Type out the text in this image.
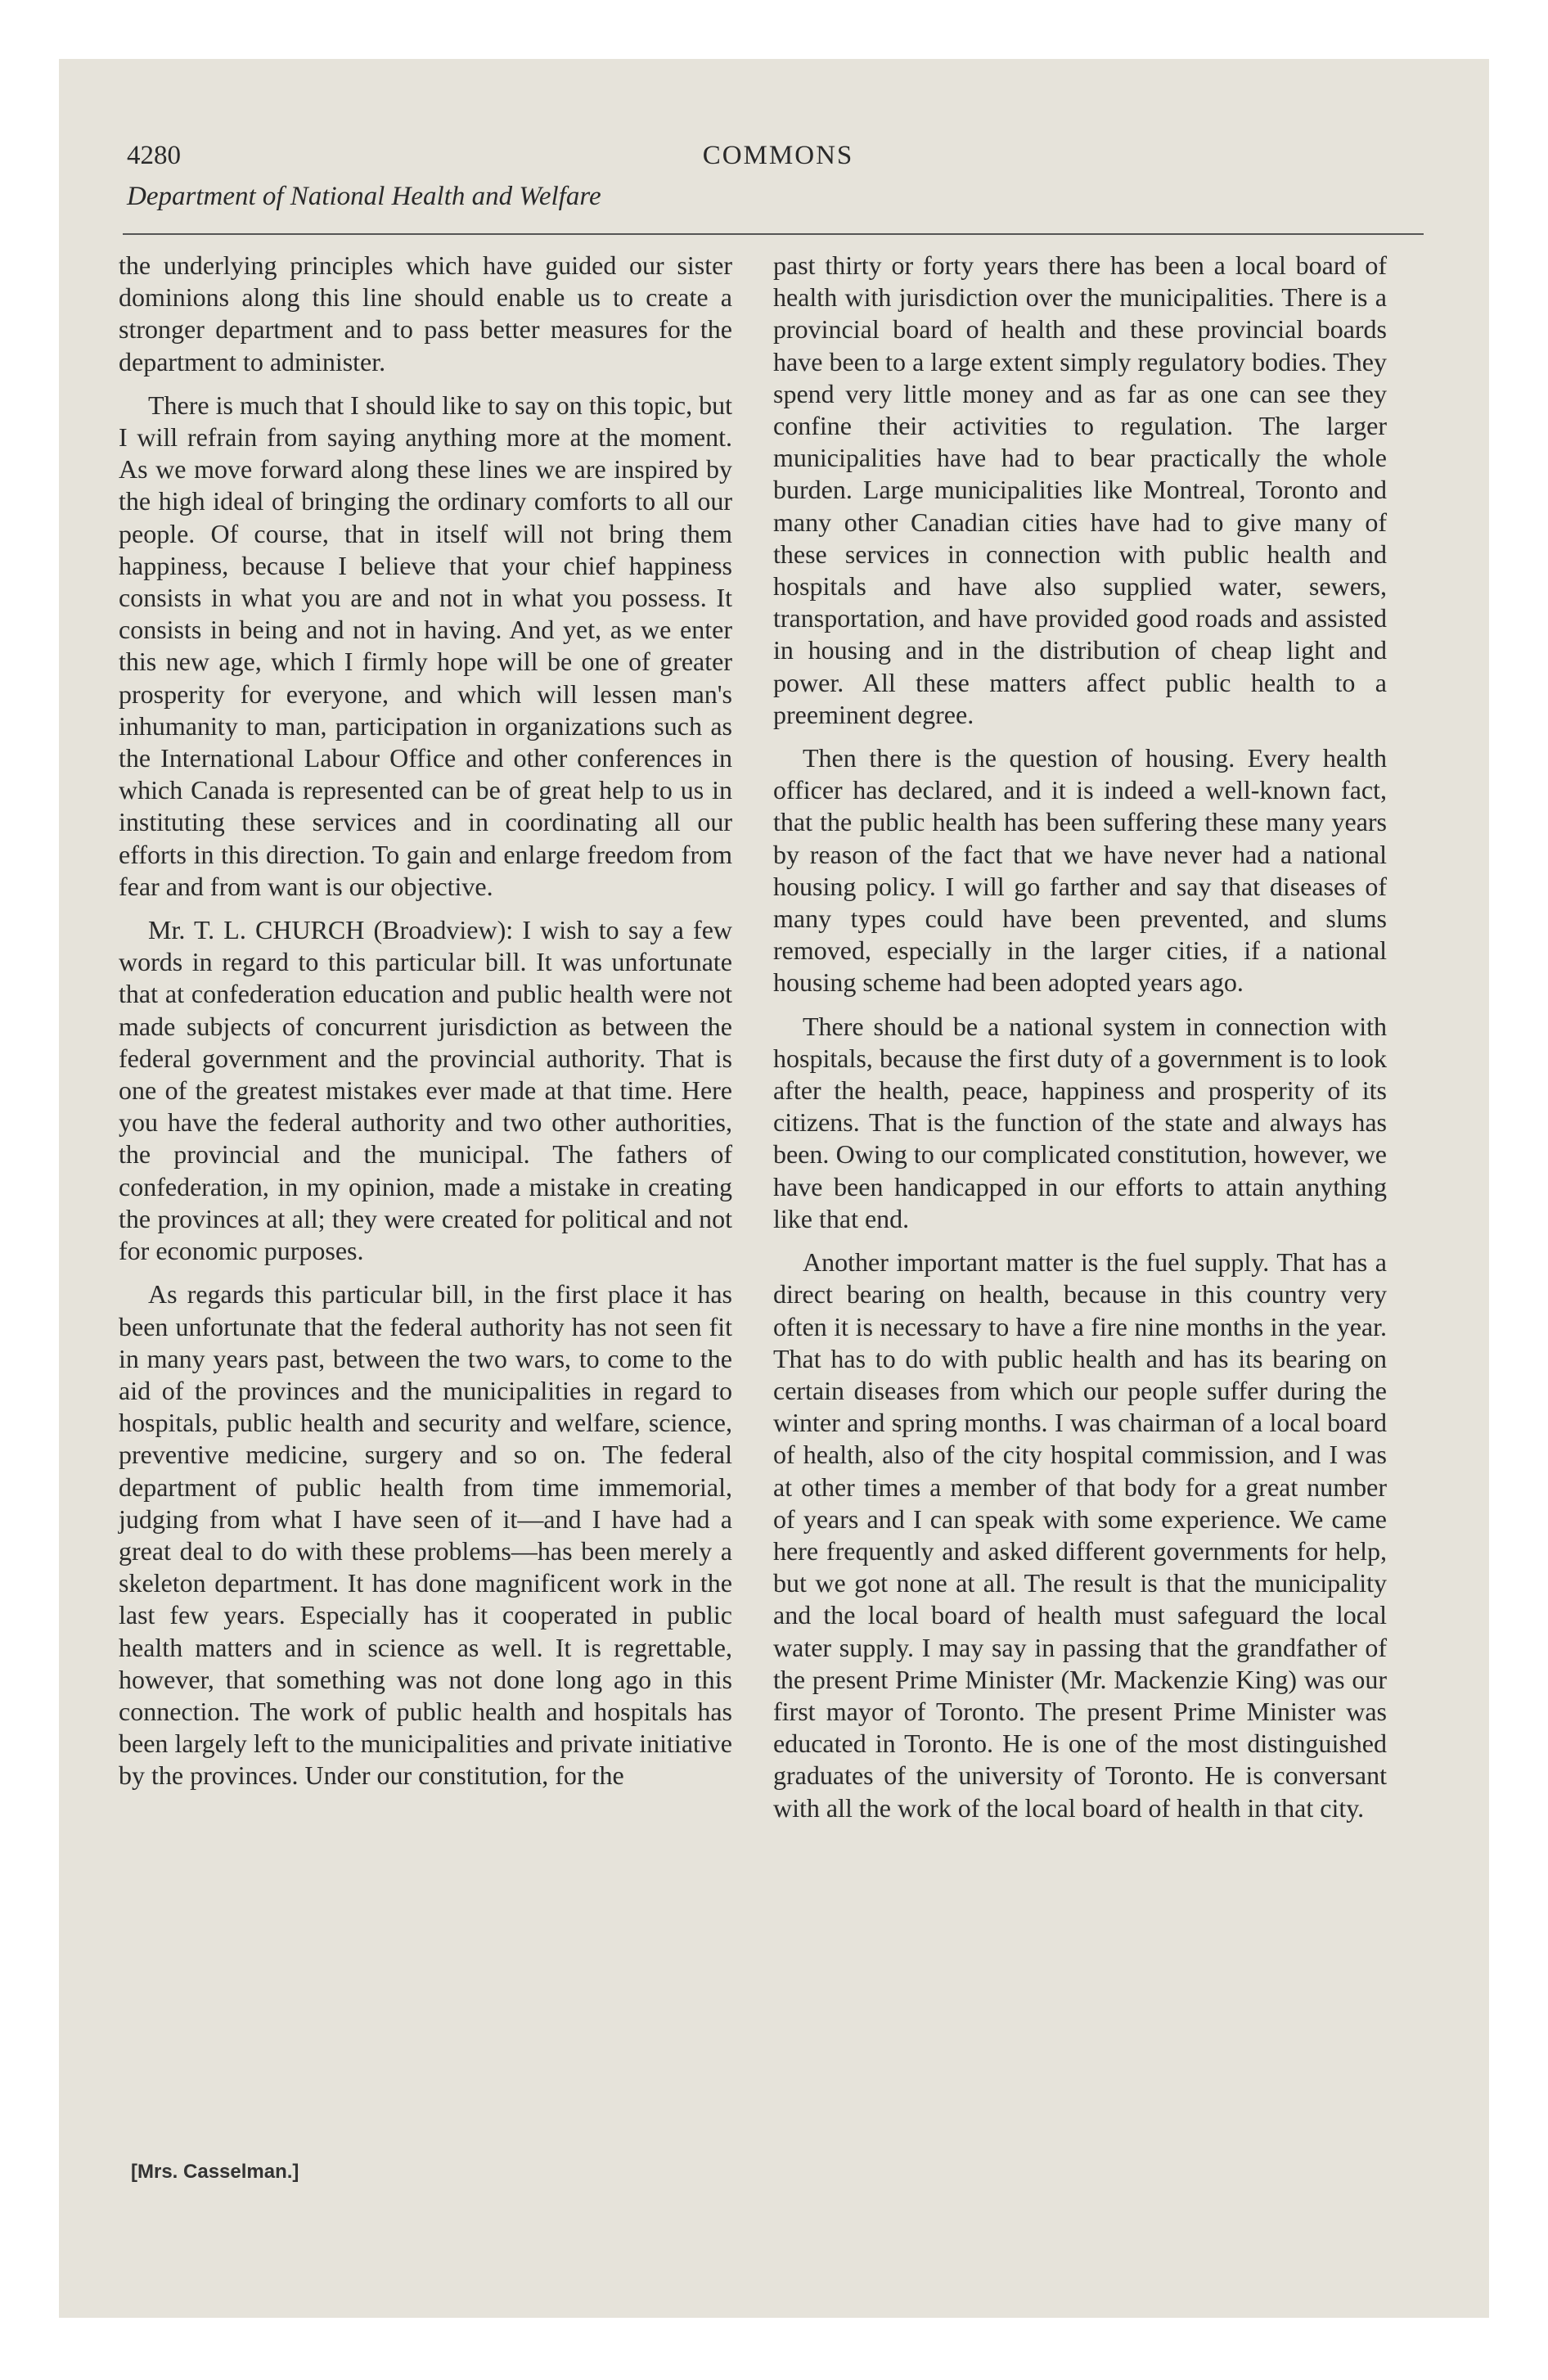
4280	COMMONS
Department of National Health and Welfare

the underlying principles which have guided our sister dominions along this line should enable us to create a stronger department and to pass better measures for the department to administer.

There is much that I should like to say on this topic, but I will refrain from saying anything more at the moment. As we move forward along these lines we are inspired by the high ideal of bringing the ordinary comforts to all our people. Of course, that in itself will not bring them happiness, because I believe that your chief happiness consists in what you are and not in what you possess. It consists in being and not in having. And yet, as we enter this new age, which I firmly hope will be one of greater prosperity for everyone, and which will lessen man's inhumanity to man, participation in organizations such as the International Labour Office and other conferences in which Canada is represented can be of great help to us in instituting these services and in coordinating all our efforts in this direction. To gain and enlarge freedom from fear and from want is our objective.

Mr. T. L. CHURCH (Broadview): I wish to say a few words in regard to this particular bill. It was unfortunate that at confederation education and public health were not made subjects of concurrent jurisdiction as between the federal government and the provincial authority. That is one of the greatest mistakes ever made at that time. Here you have the federal authority and two other authorities, the provincial and the municipal. The fathers of confederation, in my opinion, made a mistake in creating the provinces at all; they were created for political and not for economic purposes.

As regards this particular bill, in the first place it has been unfortunate that the federal authority has not seen fit in many years past, between the two wars, to come to the aid of the provinces and the municipalities in regard to hospitals, public health and security and welfare, science, preventive medicine, surgery and so on. The federal department of public health from time immemorial, judging from what I have seen of it—and I have had a great deal to do with these problems—has been merely a skeleton department. It has done magnificent work in the last few years. Especially has it cooperated in public health matters and in science as well. It is regrettable, however, that something was not done long ago in this connection. The work of public health and hospitals has been largely left to the municipalities and private initiative by the provinces. Under our constitution, for the

past thirty or forty years there has been a local board of health with jurisdiction over the municipalities. There is a provincial board of health and these provincial boards have been to a large extent simply regulatory bodies. They spend very little money and as far as one can see they confine their activities to regulation. The larger municipalities have had to bear practically the whole burden. Large municipalities like Montreal, Toronto and many other Canadian cities have had to give many of these services in connection with public health and hospitals and have also supplied water, sewers, transportation, and have provided good roads and assisted in housing and in the distribution of cheap light and power. All these matters affect public health to a preeminent degree.

Then there is the question of housing. Every health officer has declared, and it is indeed a well-known fact, that the public health has been suffering these many years by reason of the fact that we have never had a national housing policy. I will go farther and say that diseases of many types could have been prevented, and slums removed, especially in the larger cities, if a national housing scheme had been adopted years ago.

There should be a national system in connection with hospitals, because the first duty of a government is to look after the health, peace, happiness and prosperity of its citizens. That is the function of the state and always has been. Owing to our complicated constitution, however, we have been handicapped in our efforts to attain anything like that end.

Another important matter is the fuel supply. That has a direct bearing on health, because in this country very often it is necessary to have a fire nine months in the year. That has to do with public health and has its bearing on certain diseases from which our people suffer during the winter and spring months. I was chairman of a local board of health, also of the city hospital commission, and I was at other times a member of that body for a great number of years and I can speak with some experience. We came here frequently and asked different governments for help, but we got none at all. The result is that the municipality and the local board of health must safeguard the local water supply. I may say in passing that the grandfather of the present Prime Minister (Mr. Mackenzie King) was our first mayor of Toronto. The present Prime Minister was educated in Toronto. He is one of the most distinguished graduates of the university of Toronto. He is conversant with all the work of the local board of health in that city.

[Mrs. Casselman.]
